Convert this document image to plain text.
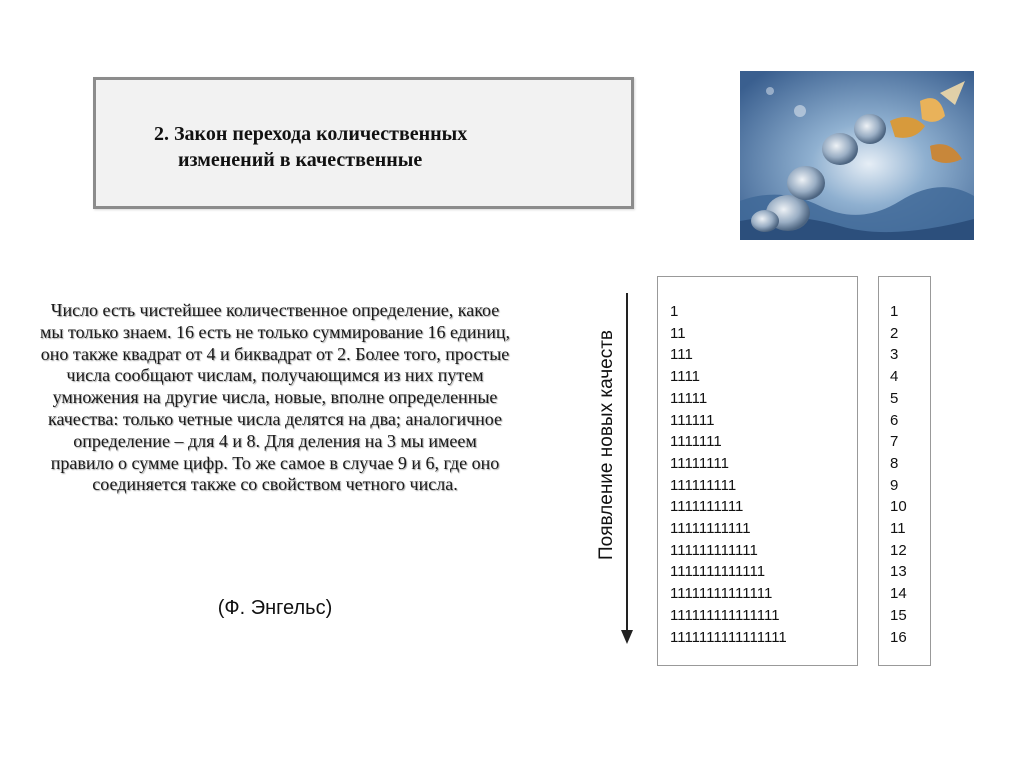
2. Закон перехода количественных
изменений в качественные
Число есть чистейшее количественное определение, какое мы только знаем. 16 есть не только суммирование 16 единиц, оно также квадрат от 4 и биквадрат от 2. Более того, простые числа сообщают числам, получающимся из них путем умножения на другие числа, новые, вполне определенные качества: только четные числа делятся на два; аналогичное определение – для 4 и 8. Для деления на 3 мы имеем правило о сумме цифр. То же самое в случае 9 и 6, где оно соединяется также со свойством четного числа.
(Ф. Энгельс)
Появление новых качеств
1
11
111
1111
11111
111111
1111111
11111111
111111111
1111111111
11111111111
111111111111
1111111111111
11111111111111
111111111111111
1111111111111111
1
2
3
4
5
6
7
8
9
10
11
12
13
14
15
16
